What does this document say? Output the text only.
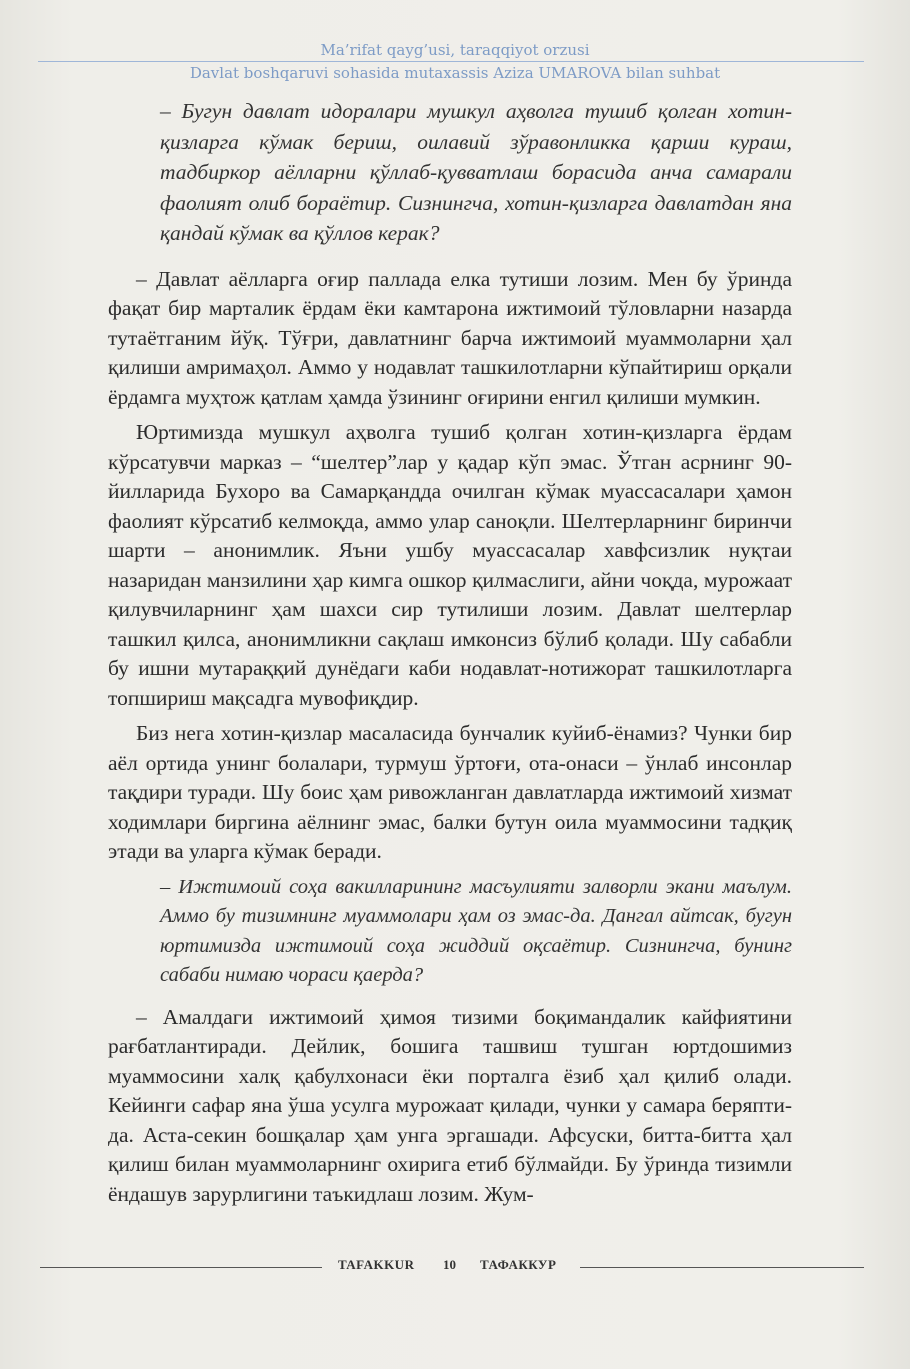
Ma’rifat qayg’usi, taraqqiyot orzusi
Davlat boshqaruvi sohasida mutaxassis Aziza UMAROVA bilan suhbat

– Бугун давлат идоралари мушкул аҳволга тушиб қолган хотин-қизларга кўмак бериш, оилавий зўравонликка қарши кураш, тадбиркор аёлларни қўллаб-қувватлаш борасида анча самарали фаолият олиб бораётир. Сизнингча, хотин-қизларга давлатдан яна қандай кўмак ва қўллов керак?

– Давлат аёлларга оғир паллада елка тутиши лозим. Мен бу ўринда фақат бир марталик ёрдам ёки камтарона ижтимоий тўловларни назарда тутаётганим йўқ. Тўғри, давлатнинг барча ижтимоий муаммоларни ҳал қилиши амримаҳол. Аммо у нодавлат ташкилотларни кўпайтириш орқали ёрдамга муҳтож қатлам ҳамда ўзининг оғирини енгил қилиши мумкин.

Юртимизда мушкул аҳволга тушиб қолган хотин-қизларга ёрдам кўрсатувчи марказ – “шелтер”лар у қадар кўп эмас. Ўтган асрнинг 90-йилларида Бухоро ва Самарқандда очилган кўмак муассасалари ҳамон фаолият кўрсатиб келмоқда, аммо улар саноқли. Шелтерларнинг биринчи шарти – анонимлик. Яъни ушбу муассасалар хавфсизлик нуқтаи назаридан манзилини ҳар кимга ошкор қилмаслиги, айни чоқда, мурожаат қилувчиларнинг ҳам шахси сир тутилиши лозим. Давлат шелтерлар ташкил қилса, анонимликни сақлаш имконсиз бўлиб қолади. Шу сабабли бу ишни мутараққий дунёдаги каби нодавлат-нотижорат ташкилотларга топшириш мақсадга мувофиқдир.

Биз нега хотин-қизлар масаласида бунчалик куйиб-ёнамиз? Чунки бир аёл ортида унинг болалари, турмуш ўртоғи, ота-онаси – ўнлаб инсонлар тақдири туради. Шу боис ҳам ривожланган давлатларда ижтимоий хизмат ходимлари биргина аёлнинг эмас, балки бутун оила муаммосини тадқиқ этади ва уларга кўмак беради.

– Ижтимоий соҳа вакилларининг масъулияти залворли экани маълум. Аммо бу тизимнинг муаммолари ҳам оз эмас-да. Дангал айтсак, бугун юртимизда ижтимоий соҳа жиддий оқсаётир. Сизнингча, бунинг сабаби нимаю чораси қаерда?

– Амалдаги ижтимоий ҳимоя тизими боқимандалик кайфиятини рағбатлантиради. Дейлик, бошига ташвиш тушган юртдошимиз муаммосини халқ қабулхонаси ёки порталга ёзиб ҳал қилиб олади. Кейинги сафар яна ўша усулга мурожаат қилади, чунки у самара беряпти-да. Аста-секин бошқалар ҳам унга эргашади. Афсуски, битта-битта ҳал қилиш билан муаммоларнинг охирига етиб бўлмайди. Бу ўринда тизимли ёндашув зарурлигини таъкидлаш лозим. Жум-

TAFAKKUR 10 ТАФАККУР
